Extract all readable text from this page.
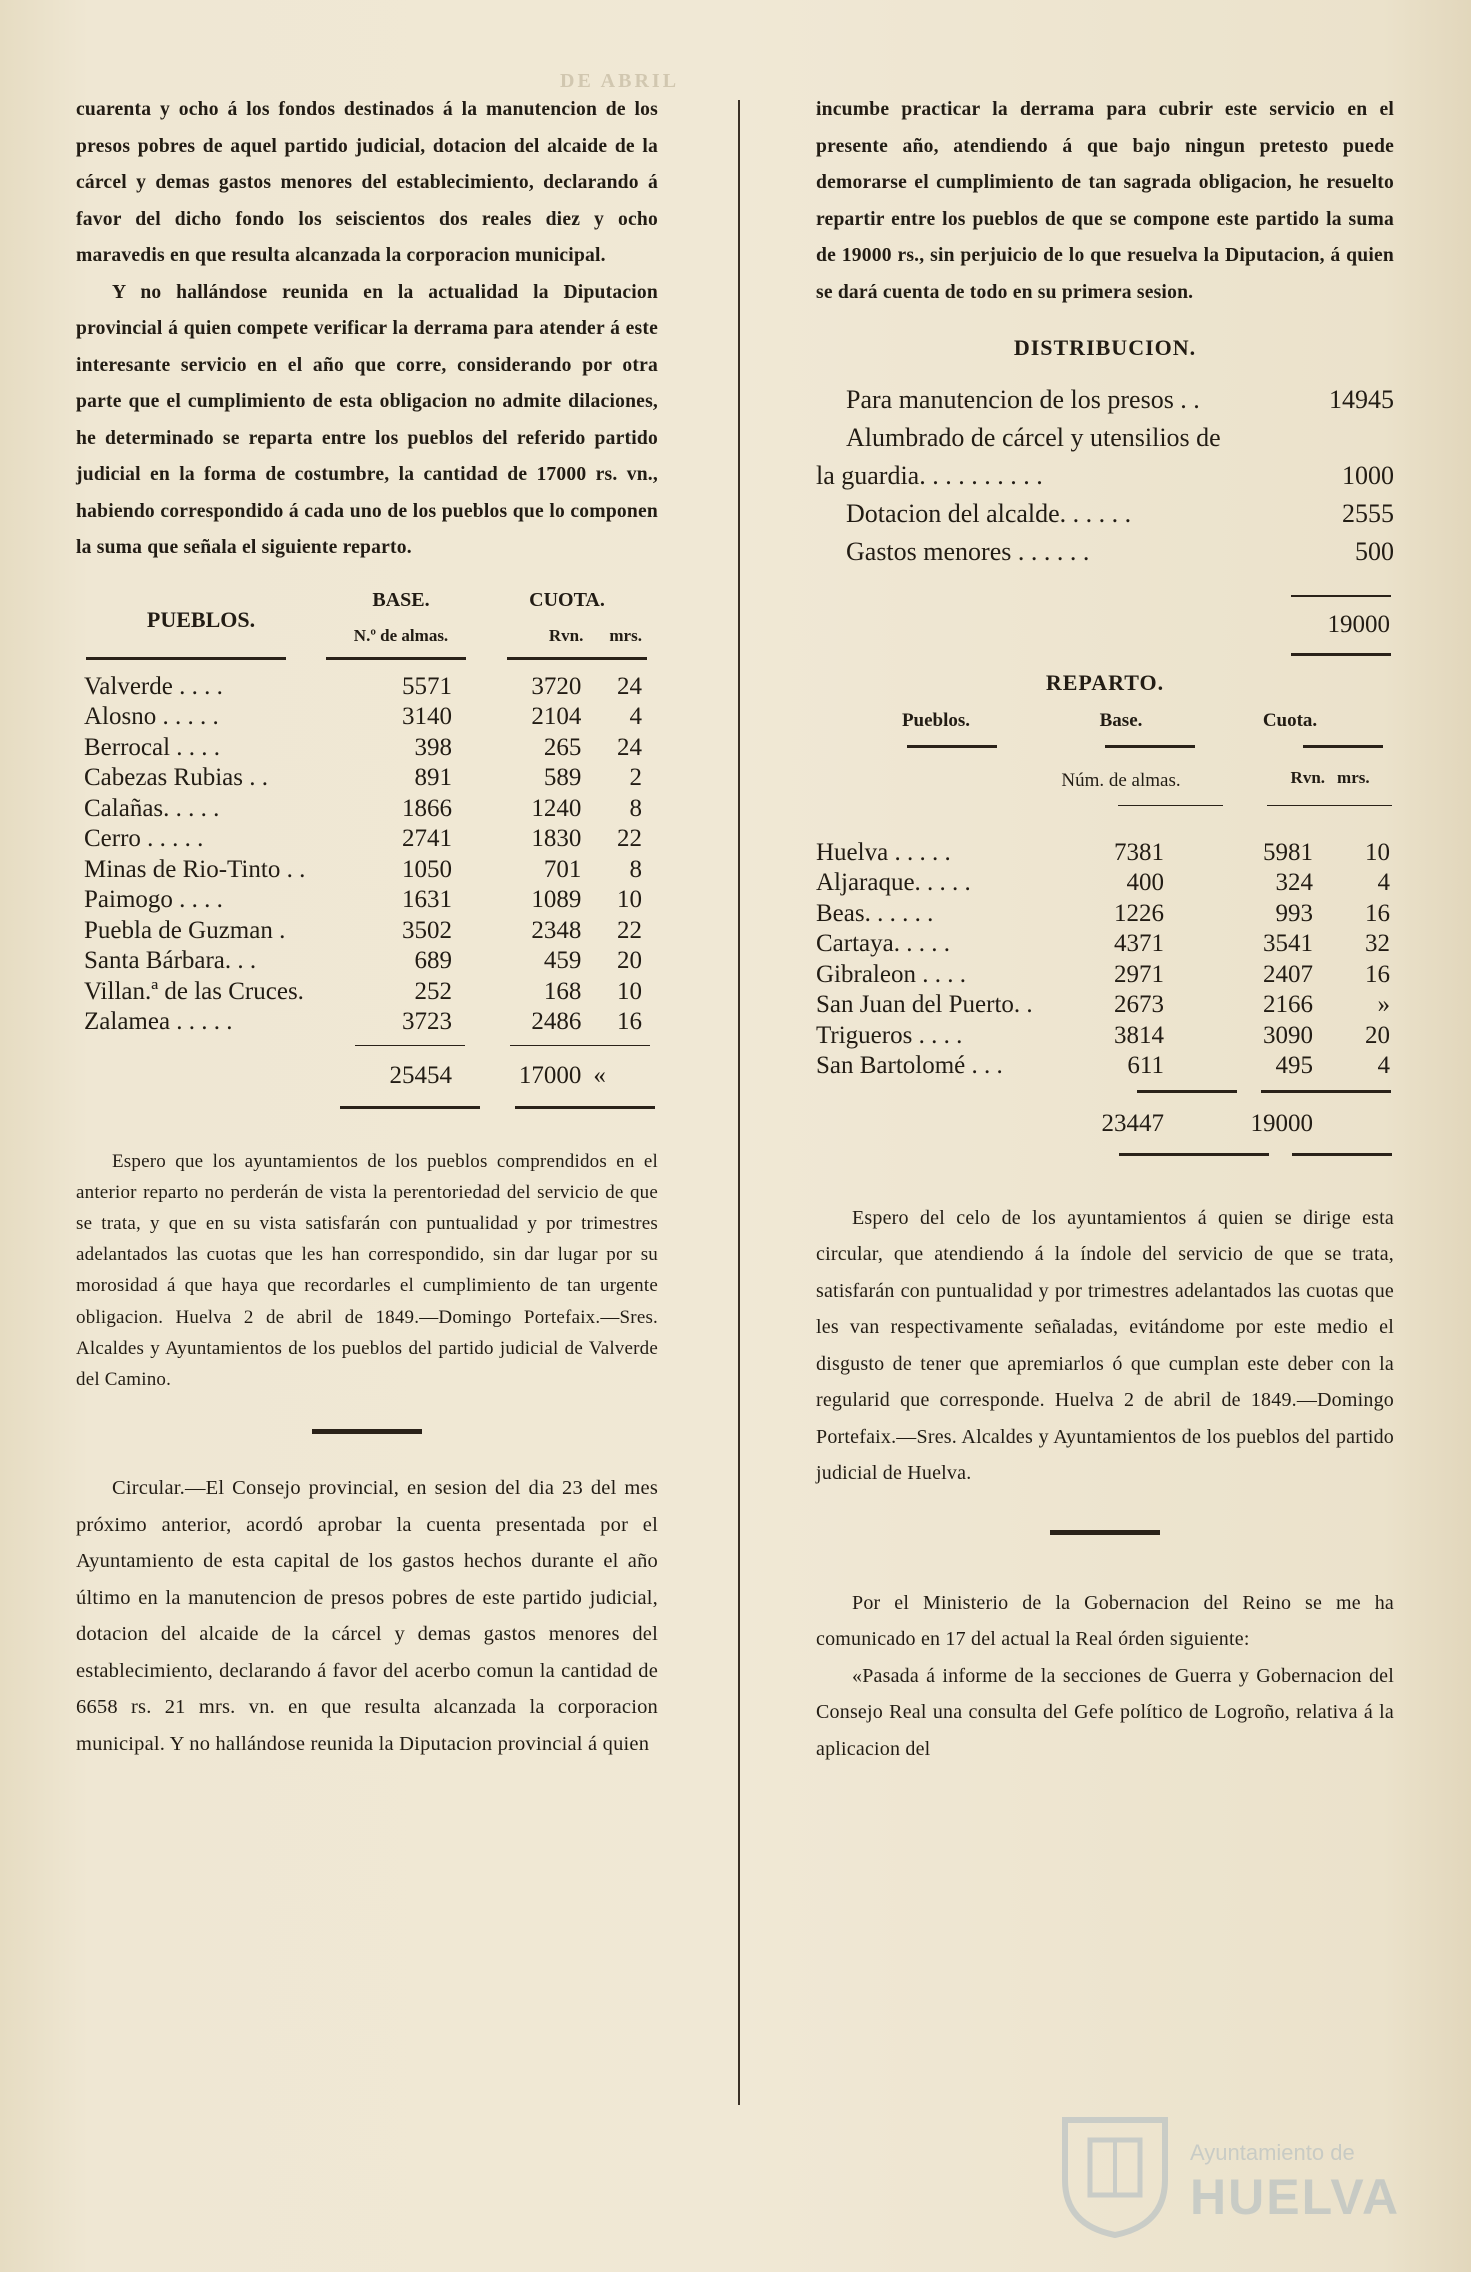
DE ABRIL

cuarenta y ocho á los fondos destinados á la manutencion de los presos pobres de aquel partido judicial, dotacion del alcaide de la cárcel y demas gastos menores del establecimiento, declarando á favor del dicho fondo los seiscientos dos reales diez y ocho maravedis en que resulta alcanzada la corporacion municipal.

Y no hallándose reunida en la actualidad la Diputacion provincial á quien compete verificar la derrama para atender á este interesante servicio en el año que corre, considerando por otra parte que el cumplimiento de esta obligacion no admite dilaciones, he determinado se reparta entre los pueblos del referido partido judicial en la forma de costumbre, la cantidad de 17000 rs. vn., habiendo correspondido á cada uno de los pueblos que lo componen la suma que señala el siguiente reparto.

PUEBLOS.	BASE.	CUOTA.	
	N.º de almas.	Rvn.	mrs.

Valverde . . . .	5571	3720	24
Alosno . . . . .	3140	2104	4
Berrocal . . . .	398	265	24
Cabezas Rubias . .	891	589	2
Calañas. . . . .	1866	1240	8
Cerro . . . . .	2741	1830	22
Minas de Rio-Tinto . .	1050	701	8
Paimogo . . . .	1631	1089	10
Puebla de Guzman .	3502	2348	22
Santa Bárbara. . .	689	459	20
Villan.ª de las Cruces.	252	168	10
Zalamea . . . . .	3723	2486	16

	25454	17000	«

Espero que los ayuntamientos de los pueblos comprendidos en el anterior reparto no perderán de vista la perentoriedad del servicio de que se trata, y que en su vista satisfarán con puntualidad y por trimestres adelantados las cuotas que les han correspondido, sin dar lugar por su morosidad á que haya que recordarles el cumplimiento de tan urgente obligacion. Huelva 2 de abril de 1849.—Domingo Portefaix.—Sres. Alcaldes y Ayuntamientos de los pueblos del partido judicial de Valverde del Camino.

Circular.—El Consejo provincial, en sesion del dia 23 del mes próximo anterior, acordó aprobar la cuenta presentada por el Ayuntamiento de esta capital de los gastos hechos durante el año último en la manutencion de presos pobres de este partido judicial, dotacion del alcaide de la cárcel y demas gastos menores del establecimiento, declarando á favor del acerbo comun la cantidad de 6658 rs. 21 mrs. vn. en que resulta alcanzada la corporacion municipal. Y no hallándose reunida la Diputacion provincial á quien

incumbe practicar la derrama para cubrir este servicio en el presente año, atendiendo á que bajo ningun pretesto puede demorarse el cumplimiento de tan sagrada obligacion, he resuelto repartir entre los pueblos de que se compone este partido la suma de 19000 rs., sin perjuicio de lo que resuelva la Diputacion, á quien se dará cuenta de todo en su primera sesion.

DISTRIBUCION.

Para manutencion de los presos . .	14945
Alumbrado de cárcel y utensilios de	
la guardia. . . . . . . . . .	1000
Dotacion del alcalde. . . . . .	2555
Gastos menores . . . . . .	500
19000

REPARTO.

Pueblos.	Base.	Cuota.	

	Núm. de almas.	Rvn.	mrs.

Huelva . . . . .	7381	5981	10
Aljaraque. . . . .	400	324	4
Beas. . . . . .	1226	993	16
Cartaya. . . . .	4371	3541	32
Gibraleon . . . .	2971	2407	16
San Juan del Puerto. .	2673	2166	»
Trigueros . . . .	3814	3090	20
San Bartolomé . . .	611	495	4

	23447	19000	

Espero del celo de los ayuntamientos á quien se dirige esta circular, que atendiendo á la índole del servicio de que se trata, satisfarán con puntualidad y por trimestres adelantados las cuotas que les van respectivamente señaladas, evitándome por este medio el disgusto de tener que apremiarlos ó que cumplan este deber con la regularid que corresponde. Huelva 2 de abril de 1849.—Domingo Portefaix.—Sres. Alcaldes y Ayuntamientos de los pueblos del partido judicial de Huelva.

Por el Ministerio de la Gobernacion del Reino se me ha comunicado en 17 del actual la Real órden siguiente:

«Pasada á informe de la secciones de Guerra y Gobernacion del Consejo Real una consulta del Gefe político de Logroño, relativa á la aplicacion del

Ayuntamiento de
HUELVA
